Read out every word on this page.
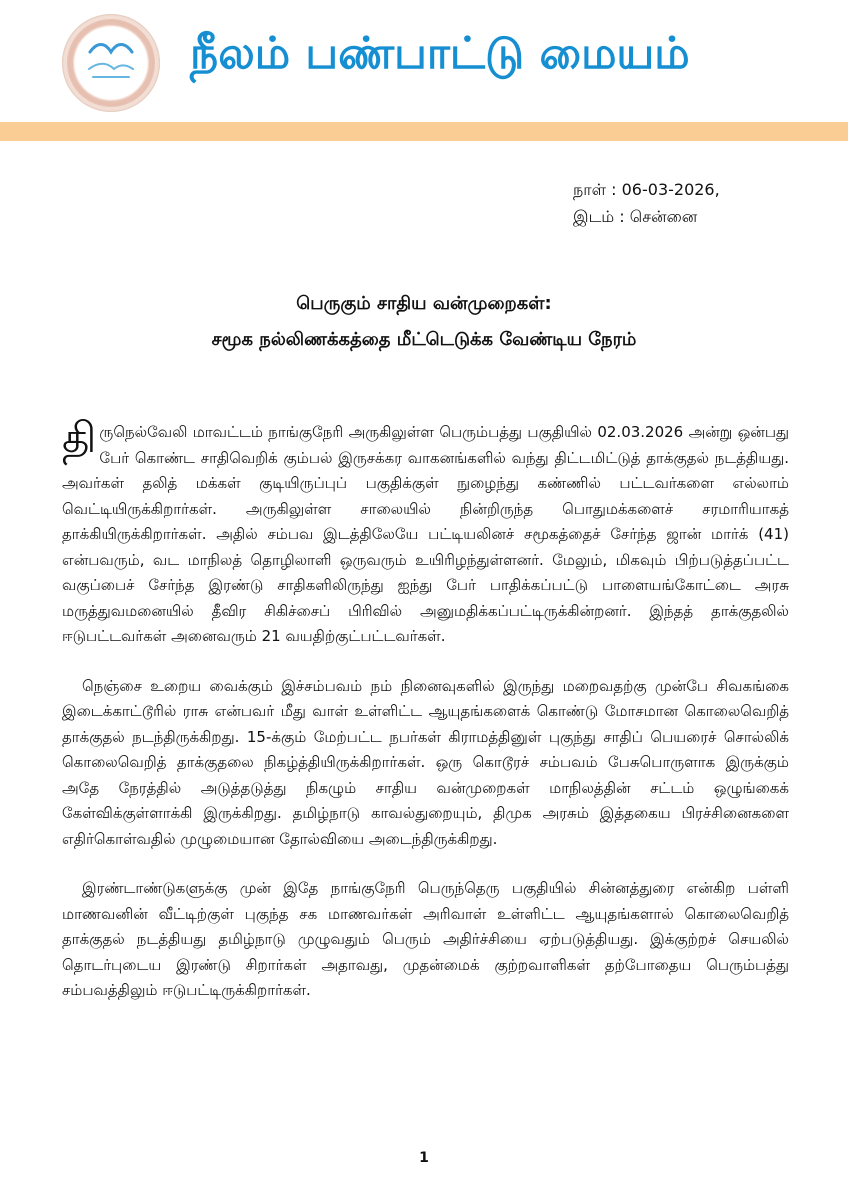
நீலம் பண்பாட்டு மையம்
நாள் : 06-03-2026,
இடம் : சென்னை
பெருகும் சாதிய வன்முறைகள்:
சமூக நல்லிணக்கத்தை மீட்டெடுக்க வேண்டிய நேரம்

திருநெல்வேலி மாவட்டம் நாங்குநேரி அருகிலுள்ள பெரும்பத்து பகுதியில் 02.03.2026 அன்று ஒன்பது பேர் கொண்ட சாதிவெறிக் கும்பல் இருசக்கர வாகனங்களில் வந்து திட்டமிட்டுத் தாக்குதல் நடத்தியது. அவர்கள் தலித் மக்கள் குடியிருப்புப் பகுதிக்குள் நுழைந்து கண்ணில் பட்டவர்களை எல்லாம் வெட்டியிருக்கிறார்கள். அருகிலுள்ள சாலையில் நின்றிருந்த பொதுமக்களைச் சரமாரியாகத் தாக்கியிருக்கிறார்கள். அதில் சம்பவ இடத்திலேயே பட்டியலினச் சமூகத்தைச் சேர்ந்த ஜான் மார்க் (41) என்பவரும், வட மாநிலத் தொழிலாளி ஒருவரும் உயிரிழந்துள்ளனர். மேலும், மிகவும் பிற்படுத்தப்பட்ட வகுப்பைச் சேர்ந்த இரண்டு சாதிகளிலிருந்து ஐந்து பேர் பாதிக்கப்பட்டு பாளையங்கோட்டை அரசு மருத்துவமனையில் தீவிர சிகிச்சைப் பிரிவில் அனுமதிக்கப்பட்டிருக்கின்றனர். இந்தத் தாக்குதலில் ஈடுபட்டவர்கள் அனைவரும் 21 வயதிற்குட்பட்டவர்கள்.

நெஞ்சை உறைய வைக்கும் இச்சம்பவம் நம் நினைவுகளில் இருந்து மறைவதற்கு முன்பே சிவகங்கை இடைக்காட்டூரில் ராசு என்பவர் மீது வாள் உள்ளிட்ட ஆயுதங்களைக் கொண்டு மோசமான கொலைவெறித் தாக்குதல் நடந்திருக்கிறது. 15-க்கும் மேற்பட்ட நபர்கள் கிராமத்தினுள் புகுந்து சாதிப் பெயரைச் சொல்லிக் கொலைவெறித் தாக்குதலை நிகழ்த்தியிருக்கிறார்கள். ஒரு கொடூரச் சம்பவம் பேசுபொருளாக இருக்கும் அதே நேரத்தில் அடுத்தடுத்து நிகழும் சாதிய வன்முறைகள் மாநிலத்தின் சட்டம் ஒழுங்கைக் கேள்விக்குள்ளாக்கி இருக்கிறது. தமிழ்நாடு காவல்துறையும், திமுக அரசும் இத்தகைய பிரச்சினைகளை எதிர்கொள்வதில் முழுமையான தோல்வியை அடைந்திருக்கிறது.

இரண்டாண்டுகளுக்கு முன் இதே நாங்குநேரி பெருந்தெரு பகுதியில் சின்னத்துரை என்கிற பள்ளி மாணவனின் வீட்டிற்குள் புகுந்த சக மாணவர்கள் அரிவாள் உள்ளிட்ட ஆயுதங்களால் கொலைவெறித் தாக்குதல் நடத்தியது தமிழ்நாடு முழுவதும் பெரும் அதிர்ச்சியை ஏற்படுத்தியது. இக்குற்றச் செயலில் தொடர்புடைய இரண்டு சிறார்கள் அதாவது, முதன்மைக் குற்றவாளிகள் தற்போதைய பெரும்பத்து சம்பவத்திலும் ஈடுபட்டிருக்கிறார்கள்.

1
